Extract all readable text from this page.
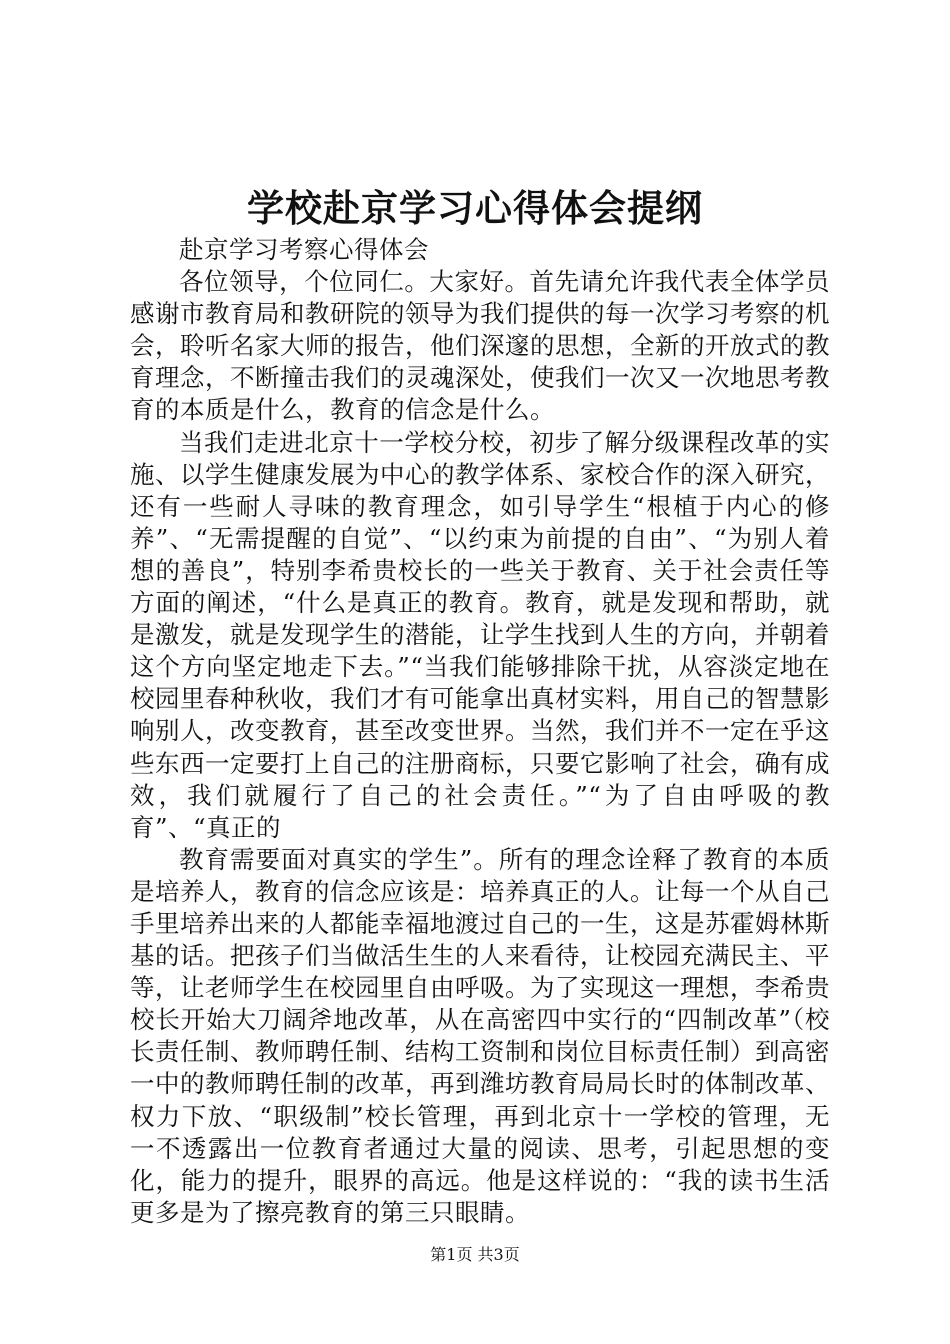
学校赴京学习心得体会提纲

赴京学习考察心得体会

各位领导，个位同仁。大家好。首先请允许我代表全体学员感谢市教育局和教研院的领导为我们提供的每一次学习考察的机会，聆听名家大师的报告，他们深邃的思想，全新的开放式的教育理念，不断撞击我们的灵魂深处，使我们一次又一次地思考教育的本质是什么，教育的信念是什么。

当我们走进北京十一学校分校，初步了解分级课程改革的实施、以学生健康发展为中心的教学体系、家校合作的深入研究，还有一些耐人寻味的教育理念，如引导学生“根植于内心的修养”、“无需提醒的自觉”、“以约束为前提的自由”、“为别人着想的善良”，特别李希贵校长的一些关于教育、关于社会责任等方面的阐述，“什么是真正的教育。教育，就是发现和帮助，就是激发，就是发现学生的潜能，让学生找到人生的方向，并朝着这个方向坚定地走下去。”“当我们能够排除干扰，从容淡定地在校园里春种秋收，我们才有可能拿出真材实料，用自己的智慧影响别人，改变教育，甚至改变世界。当然，我们并不一定在乎这些东西一定要打上自己的注册商标，只要它影响了社会，确有成效，我们就履行了自己的社会责任。”“为了自由呼吸的教育”、“真正的

教育需要面对真实的学生”。所有的理念诠释了教育的本质是培养人，教育的信念应该是：培养真正的人。让每一个从自己手里培养出来的人都能幸福地渡过自己的一生，这是苏霍姆林斯基的话。把孩子们当做活生生的人来看待，让校园充满民主、平等，让老师学生在校园里自由呼吸。为了实现这一理想，李希贵校长开始大刀阔斧地改革，从在高密四中实行的“四制改革”（校长责任制、教师聘任制、结构工资制和岗位目标责任制）到高密一中的教师聘任制的改革，再到潍坊教育局局长时的体制改革、权力下放、“职级制”校长管理，再到北京十一学校的管理，无一不透露出一位教育者通过大量的阅读、思考，引起思想的变化，能力的提升，眼界的高远。他是这样说的：“我的读书生活更多是为了擦亮教育的第三只眼睛。

第1页 共3页
